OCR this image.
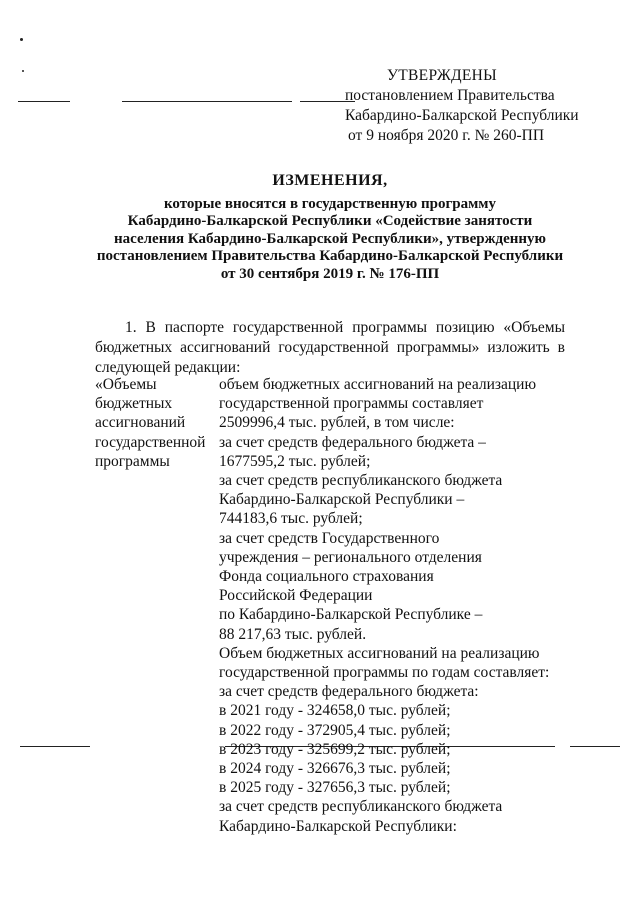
УТВЕРЖДЕНЫ
постановлением Правительства
Кабардино-Балкарской Республики
от 9 ноября 2020 г. № 260-ПП
ИЗМЕНЕНИЯ,
которые вносятся в государственную программу
Кабардино-Балкарской Республики «Содействие занятости
населения Кабардино-Балкарской Республики», утвержденную
постановлением Правительства Кабардино-Балкарской Республики
от 30 сентября 2019 г. № 176-ПП
1. В паспорте государственной программы позицию «Объемы бюджетных ассигнований государственной программы» изложить в следующей редакции:
«Объемы
бюджетных
ассигнований
государственной
программы
объем бюджетных ассигнований на реализацию
государственной программы составляет
2509996,4 тыс. рублей, в том числе:
за счет средств федерального бюджета –
1677595,2 тыс. рублей;
за счет средств республиканского бюджета
Кабардино-Балкарской Республики –
744183,6 тыс. рублей;
за счет средств Государственного
учреждения – регионального отделения
Фонда социального страхования
Российской Федерации
по Кабардино-Балкарской Республике –
88 217,63 тыс. рублей.
Объем бюджетных ассигнований на реализацию
государственной программы по годам составляет:
за счет средств федерального бюджета:
в 2021 году - 324658,0 тыс. рублей;
в 2022 году - 372905,4 тыс. рублей;
в 2023 году - 325699,2 тыс. рублей;
в 2024 году - 326676,3 тыс. рублей;
в 2025 году - 327656,3 тыс. рублей;
за счет средств республиканского бюджета
Кабардино-Балкарской Республики:
